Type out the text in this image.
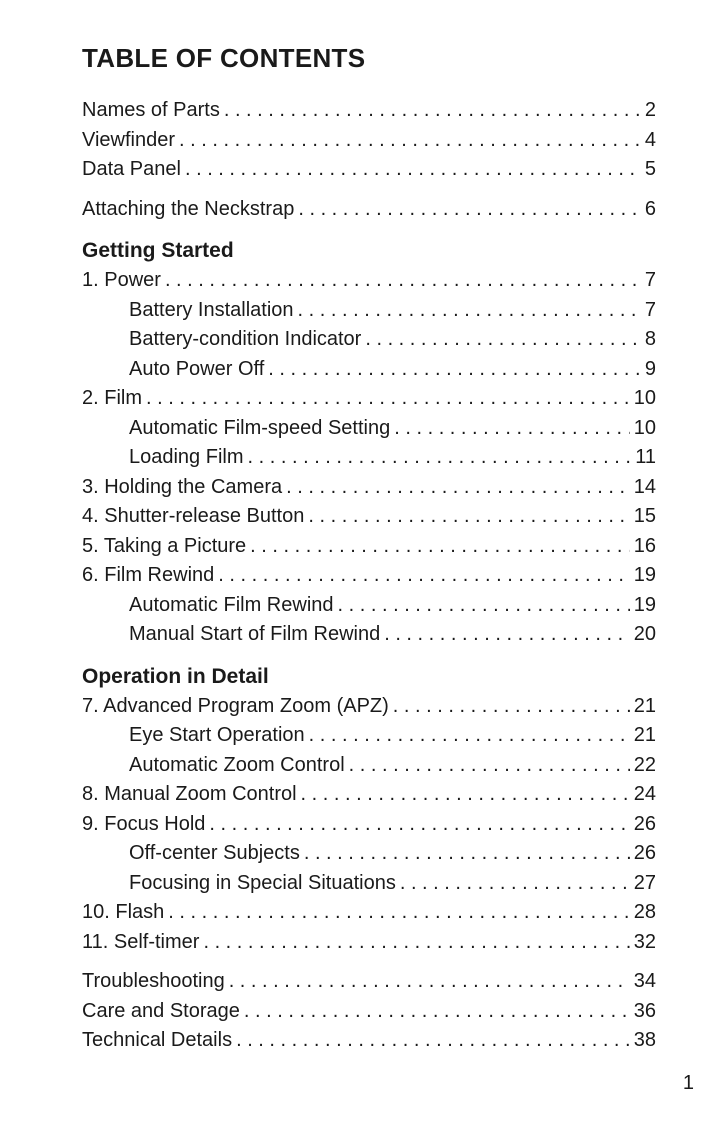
TABLE OF CONTENTS
Names of Parts . . .	2
Viewfinder . . .	4
Data Panel . . .	5
Attaching the Neckstrap . . .	6
Getting Started
1. Power . . .	7
Battery Installation . . .	7
Battery-condition Indicator . . .	8
Auto Power Off . . .	9
2. Film . . .	10
Automatic Film-speed Setting . . .	10
Loading Film . . .	11
3. Holding the Camera . . .	14
4. Shutter-release Button . . .	15
5. Taking a Picture . . .	16
6. Film Rewind . . .	19
Automatic Film Rewind . . .	19
Manual Start of Film Rewind . . .	20
Operation in Detail
7. Advanced Program Zoom (APZ) . . .	21
Eye Start Operation . . .	21
Automatic Zoom Control . . .	22
8. Manual Zoom Control . . .	24
9. Focus Hold . . .	26
Off-center Subjects . . .	26
Focusing in Special Situations . . .	27
10. Flash . . .	28
11. Self-timer . . .	32
Troubleshooting . . .	34
Care and Storage . . .	36
Technical Details . . .	38
1
